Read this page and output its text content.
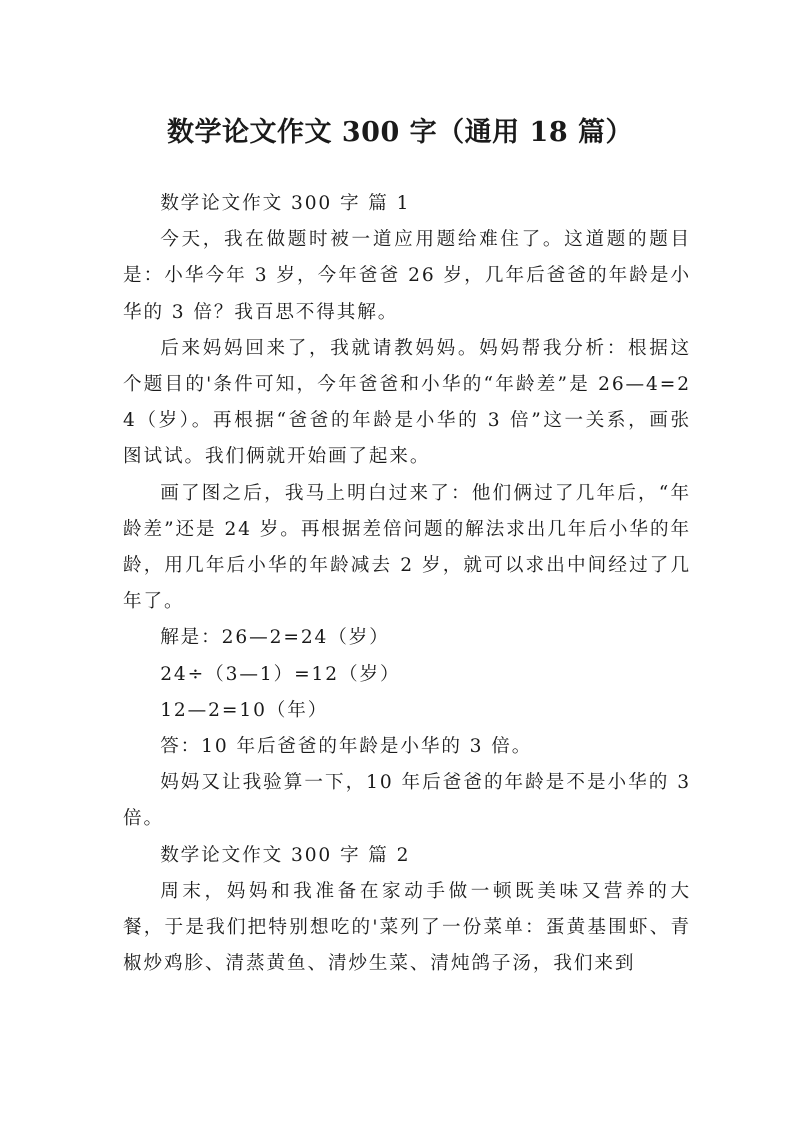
数学论文作文 300 字（通用 18 篇）

数学论文作文 300 字 篇 1

今天，我在做题时被一道应用题给难住了。这道题的题目是：小华今年 3 岁，今年爸爸 26 岁，几年后爸爸的年龄是小华的 3 倍？我百思不得其解。

后来妈妈回来了，我就请教妈妈。妈妈帮我分析：根据这个题目的'条件可知，今年爸爸和小华的“年龄差”是 26—4=24（岁）。再根据“爸爸的年龄是小华的 3 倍”这一关系，画张图试试。我们俩就开始画了起来。

画了图之后，我马上明白过来了：他们俩过了几年后，“年龄差”还是 24 岁。再根据差倍问题的解法求出几年后小华的年龄，用几年后小华的年龄减去 2 岁，就可以求出中间经过了几年了。

解是：26—2=24（岁）

24÷（3—1）=12（岁）

12—2=10（年）

答：10 年后爸爸的年龄是小华的 3 倍。

妈妈又让我验算一下，10 年后爸爸的年龄是不是小华的 3 倍。

数学论文作文 300 字 篇 2

周末，妈妈和我准备在家动手做一顿既美味又营养的大餐，于是我们把特别想吃的'菜列了一份菜单：蛋黄基围虾、青椒炒鸡胗、清蒸黄鱼、清炒生菜、清炖鸽子汤，我们来到
